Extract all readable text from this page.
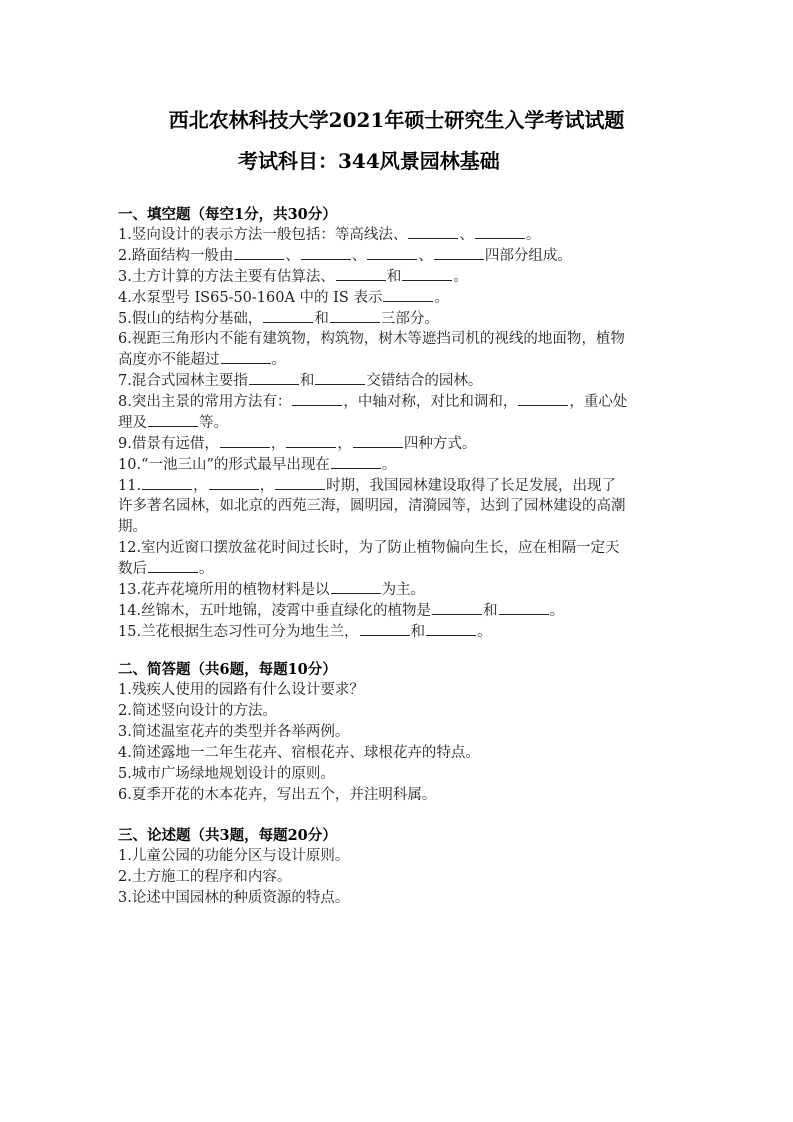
西北农林科技大学2021年硕士研究生入学考试试题
考试科目：344风景园林基础
一、填空题（每空1分，共30分）
1.竖向设计的表示方法一般包括：等高线法、	、	。
2.路面结构一般由	、	、	、	四部分组成。
3.土方计算的方法主要有估算法、	和	。
4.水泵型号 IS65-50-160A 中的 IS 表示	。
5.假山的结构分基础，	和	三部分。
6.视距三角形内不能有建筑物，构筑物，树木等遮挡司机的视线的地面物，植物
高度亦不能超过	。
7.混合式园林主要指	和	交错结合的园林。
8.突出主景的常用方法有：	，中轴对称，对比和调和，	，重心处
理及	等。
9.借景有远借，	，	，	四种方式。
10.“一池三山”的形式最早出现在	。
11.	，	，	时期，我国园林建设取得了长足发展，出现了
许多著名园林，如北京的西苑三海，圆明园，清漪园等，达到了园林建设的高潮
期。
12.室内近窗口摆放盆花时间过长时，为了防止植物偏向生长，应在相隔一定天
数后	。
13.花卉花境所用的植物材料是以	为主。
14.丝锦木，五叶地锦，凌霄中垂直绿化的植物是	和	。
15.兰花根据生态习性可分为地生兰，	和	。
二、简答题（共6题，每题10分）
1.残疾人使用的园路有什么设计要求？
2.简述竖向设计的方法。
3.简述温室花卉的类型并各举两例。
4.简述露地一二年生花卉、宿根花卉、球根花卉的特点。
5.城市广场绿地规划设计的原则。
6.夏季开花的木本花卉，写出五个，并注明科属。
三、论述题（共3题，每题20分）
1.儿童公园的功能分区与设计原则。
2.土方施工的程序和内容。
3.论述中国园林的种质资源的特点。
